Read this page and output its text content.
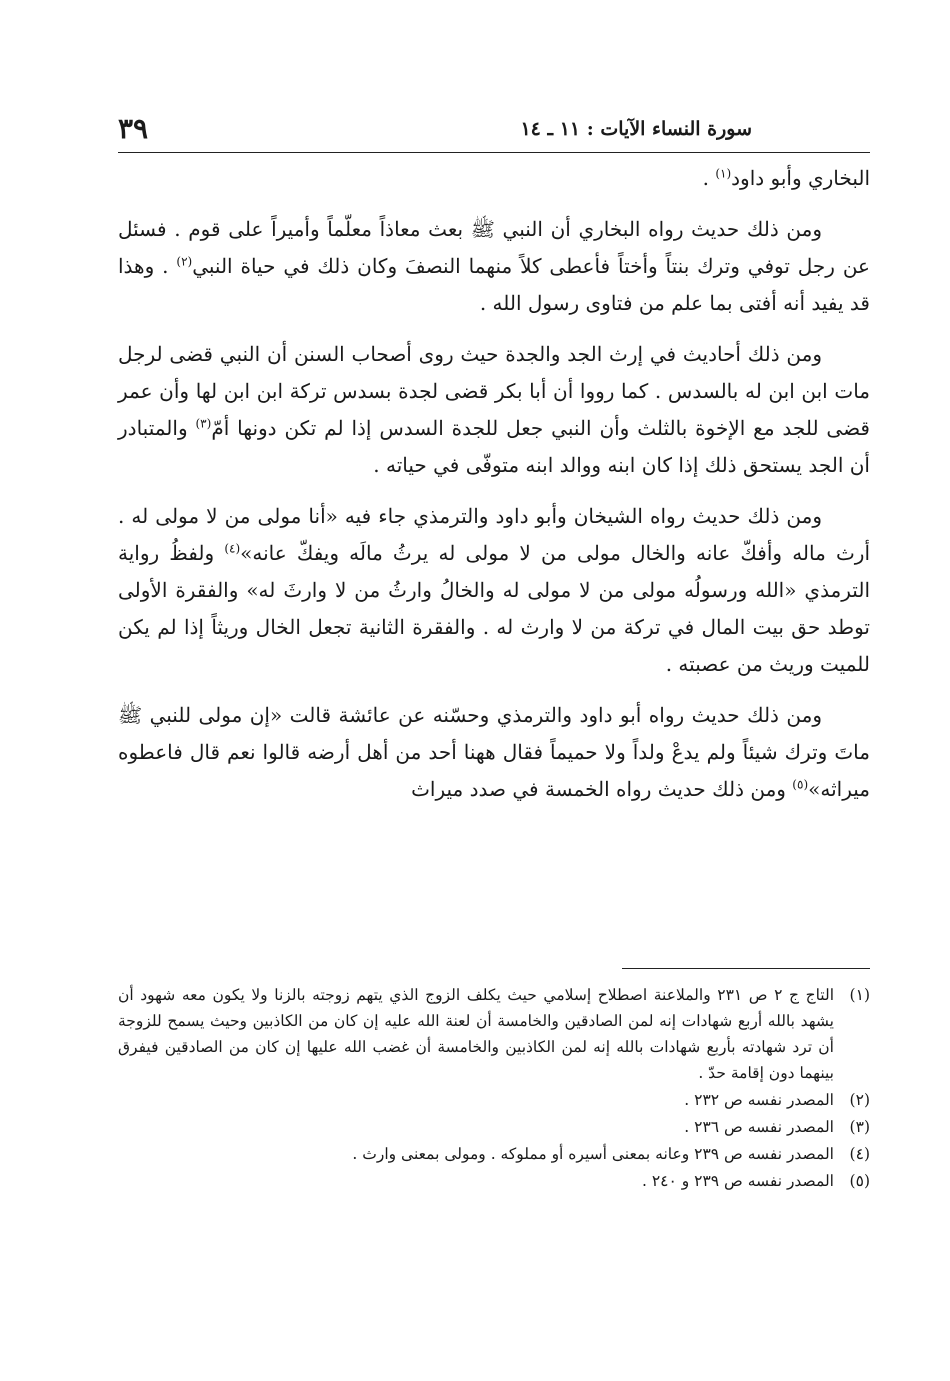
سورة النساء الآيات : ١١ ـ ١٤
٣٩

البخاري وأبو داود$^{(١)}$ .

ومن ذلك حديث رواه البخاري أن النبي ﷺ بعث معاذاً معلّماً وأميراً على قوم . فسئل عن رجل توفي وترك بنتاً وأختاً فأعطى كلاً منهما النصفَ وكان ذلك في حياة النبي$^{(٢)}$ . وهذا قد يفيد أنه أفتى بما علم من فتاوى رسول الله .

ومن ذلك أحاديث في إرث الجد والجدة حيث روى أصحاب السنن أن النبي قضى لرجل مات ابن ابن له بالسدس . كما رووا أن أبا بكر قضى لجدة بسدس تركة ابن ابن لها وأن عمر قضى للجد مع الإخوة بالثلث وأن النبي جعل للجدة السدس إذا لم تكن دونها أمّ$^{(٣)}$ والمتبادر أن الجد يستحق ذلك إذا كان ابنه ووالد ابنه متوفّى في حياته .

ومن ذلك حديث رواه الشيخان وأبو داود والترمذي جاء فيه «أنا مولى من لا مولى له . أرث ماله وأفكّ عانه والخال مولى من لا مولى له يرثُ مالَه ويفكّ عانه»$^{(٤)}$ ولفظُ رواية الترمذي «الله ورسولُه مولى من لا مولى له والخالُ وارثُ من لا وارثَ له» والفقرة الأولى توطد حق بيت المال في تركة من لا وارث له . والفقرة الثانية تجعل الخال وريثاً إذا لم يكن للميت وريث من عصبته .

ومن ذلك حديث رواه أبو داود والترمذي وحسّنه عن عائشة قالت «إن مولى للنبي ﷺ ماتَ وترك شيئاً ولم يدعْ ولداً ولا حميماً فقال ههنا أحد من أهل أرضه قالوا نعم قال فاعطوه ميراثه»$^{(٥)}$ ومن ذلك حديث رواه الخمسة في صدد ميراث

(١)
التاج ج ٢ ص ٢٣١ والملاعنة اصطلاح إسلامي حيث يكلف الزوج الذي يتهم زوجته بالزنا ولا يكون معه شهود أن يشهد بالله أربع شهادات إنه لمن الصادقين والخامسة أن لعنة الله عليه إن كان من الكاذبين وحيث يسمح للزوجة أن ترد شهادته بأربع شهادات بالله إنه لمن الكاذبين والخامسة أن غضب الله عليها إن كان من الصادقين فيفرق بينهما دون إقامة حدّ .
(٢)
المصدر نفسه ص ٢٣٢ .
(٣)
المصدر نفسه ص ٢٣٦ .
(٤)
المصدر نفسه ص ٢٣٩ وعانه بمعنى أسيره أو مملوكه . ومولى بمعنى وارث .
(٥)
المصدر نفسه ص ٢٣٩ و ٢٤٠ .
